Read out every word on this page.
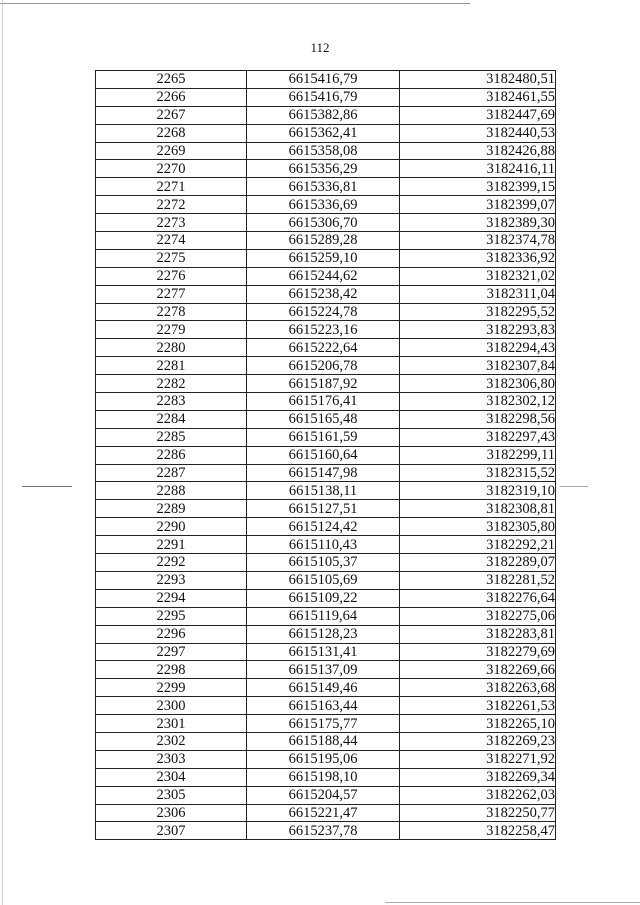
112
2265	6615416,79	3182480,51
2266	6615416,79	3182461,55
2267	6615382,86	3182447,69
2268	6615362,41	3182440,53
2269	6615358,08	3182426,88
2270	6615356,29	3182416,11
2271	6615336,81	3182399,15
2272	6615336,69	3182399,07
2273	6615306,70	3182389,30
2274	6615289,28	3182374,78
2275	6615259,10	3182336,92
2276	6615244,62	3182321,02
2277	6615238,42	3182311,04
2278	6615224,78	3182295,52
2279	6615223,16	3182293,83
2280	6615222,64	3182294,43
2281	6615206,78	3182307,84
2282	6615187,92	3182306,80
2283	6615176,41	3182302,12
2284	6615165,48	3182298,56
2285	6615161,59	3182297,43
2286	6615160,64	3182299,11
2287	6615147,98	3182315,52
2288	6615138,11	3182319,10
2289	6615127,51	3182308,81
2290	6615124,42	3182305,80
2291	6615110,43	3182292,21
2292	6615105,37	3182289,07
2293	6615105,69	3182281,52
2294	6615109,22	3182276,64
2295	6615119,64	3182275,06
2296	6615128,23	3182283,81
2297	6615131,41	3182279,69
2298	6615137,09	3182269,66
2299	6615149,46	3182263,68
2300	6615163,44	3182261,53
2301	6615175,77	3182265,10
2302	6615188,44	3182269,23
2303	6615195,06	3182271,92
2304	6615198,10	3182269,34
2305	6615204,57	3182262,03
2306	6615221,47	3182250,77
2307	6615237,78	3182258,47
